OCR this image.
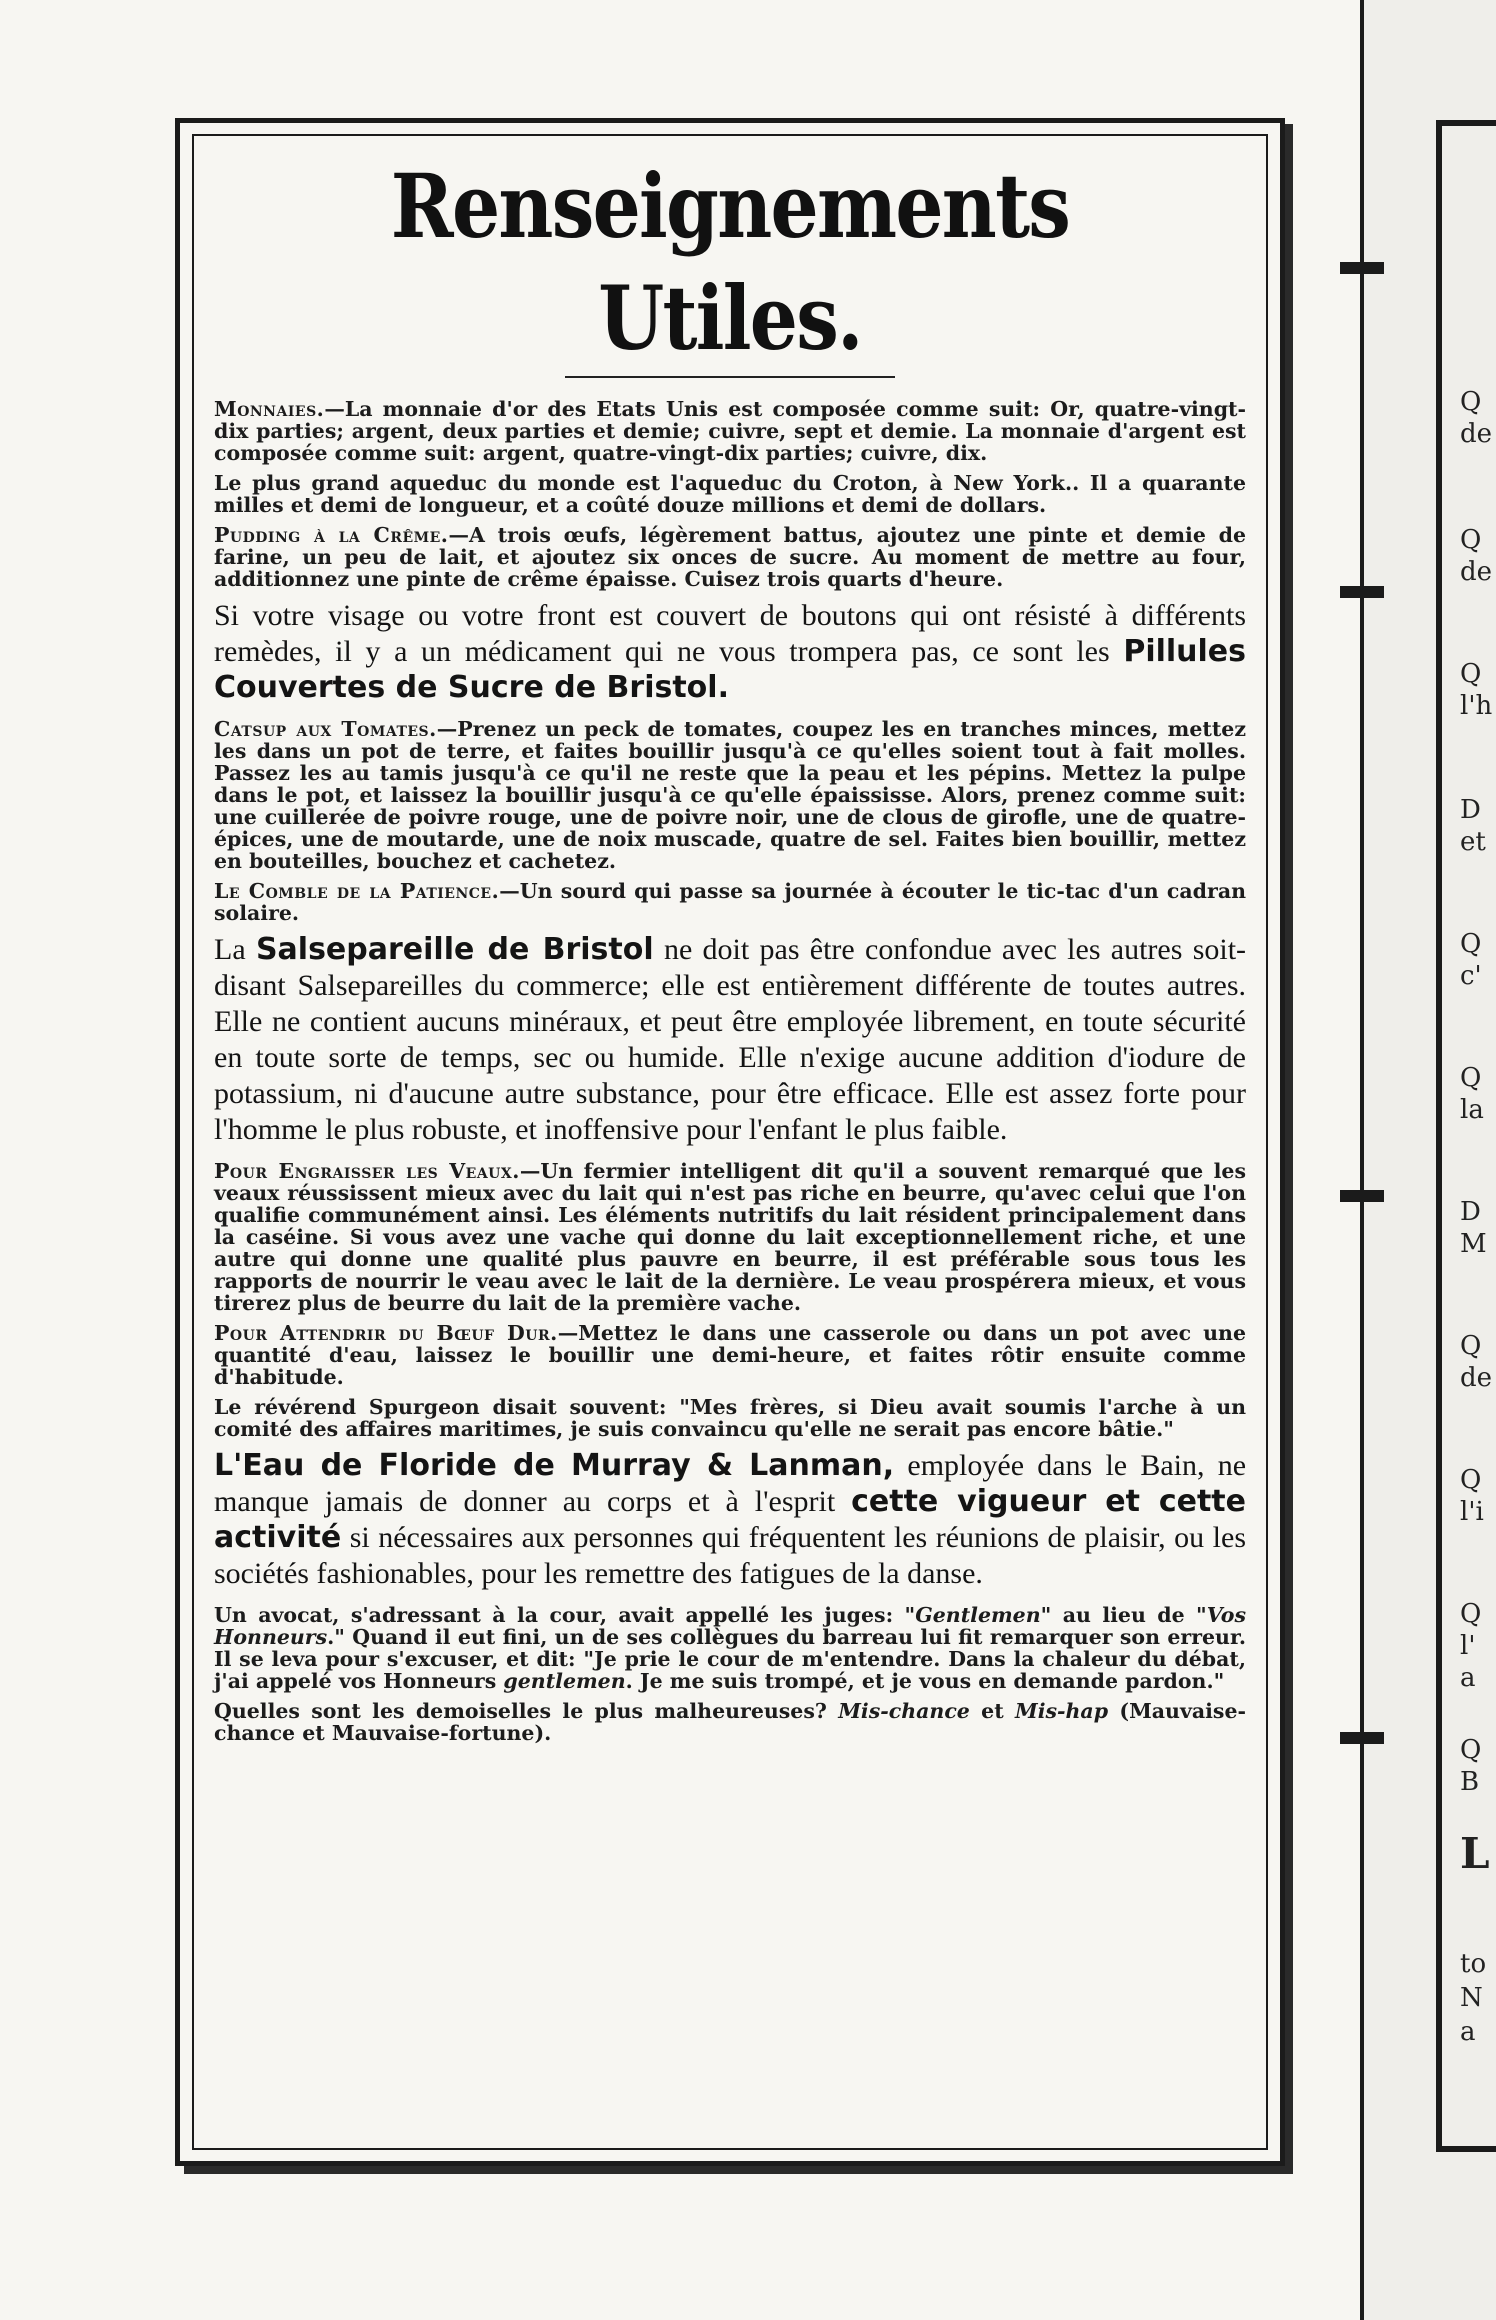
Q
de
Q
de
Q
l'h
D
et
Q
c'
Q
la
D
M
Q
de
Q
l'i
Q
l'
a
Q
B
L
to
N
a
Renseignements Utiles.

Monnaies.—La monnaie d'or des Etats Unis est composée comme suit: Or, quatre-vingt-dix parties; argent, deux parties et demie; cuivre, sept et demie. La monnaie d'argent est composée comme suit: argent, quatre-vingt-dix parties; cuivre, dix.

Le plus grand aqueduc du monde est l'aqueduc du Croton, à New York.. Il a quarante milles et demi de longueur, et a coûté douze millions et demi de dollars.

Pudding à la Crême.—A trois œufs, légèrement battus, ajoutez une pinte et demie de farine, un peu de lait, et ajoutez six onces de sucre. Au moment de mettre au four, additionnez une pinte de crême épaisse. Cuisez trois quarts d'heure.

Si votre visage ou votre front est couvert de boutons qui ont résisté à différents remèdes, il y a un médicament qui ne vous trompera pas, ce sont les Pillules Couvertes de Sucre de Bristol.

Catsup aux Tomates.—Prenez un peck de tomates, coupez les en tranches minces, mettez les dans un pot de terre, et faites bouillir jusqu'à ce qu'elles soient tout à fait molles. Passez les au tamis jusqu'à ce qu'il ne reste que la peau et les pépins. Mettez la pulpe dans le pot, et laissez la bouillir jusqu'à ce qu'elle épaississe. Alors, prenez comme suit: une cuillerée de poivre rouge, une de poivre noir, une de clous de girofle, une de quatre-épices, une de moutarde, une de noix muscade, quatre de sel. Faites bien bouillir, mettez en bouteilles, bouchez et cachetez.

Le Comble de la Patience.—Un sourd qui passe sa journée à écouter le tic-tac d'un cadran solaire.

La Salsepareille de Bristol ne doit pas être confondue avec les autres soit-disant Salsepareilles du commerce; elle est entièrement différente de toutes autres. Elle ne contient aucuns minéraux, et peut être employée librement, en toute sécurité en toute sorte de temps, sec ou humide. Elle n'exige aucune addition d'iodure de potassium, ni d'aucune autre substance, pour être efficace. Elle est assez forte pour l'homme le plus robuste, et inoffensive pour l'enfant le plus faible.

Pour Engraisser les Veaux.—Un fermier intelligent dit qu'il a souvent remarqué que les veaux réussissent mieux avec du lait qui n'est pas riche en beurre, qu'avec celui que l'on qualifie communément ainsi. Les éléments nutritifs du lait résident principalement dans la caséine. Si vous avez une vache qui donne du lait exceptionnellement riche, et une autre qui donne une qualité plus pauvre en beurre, il est préférable sous tous les rapports de nourrir le veau avec le lait de la dernière. Le veau prospérera mieux, et vous tirerez plus de beurre du lait de la première vache.

Pour Attendrir du Bœuf Dur.—Mettez le dans une casserole ou dans un pot avec une quantité d'eau, laissez le bouillir une demi-heure, et faites rôtir ensuite comme d'habitude.

Le révérend Spurgeon disait souvent: "Mes frères, si Dieu avait soumis l'arche à un comité des affaires maritimes, je suis convaincu qu'elle ne serait pas encore bâtie."

L'Eau de Floride de Murray & Lanman, employée dans le Bain, ne manque jamais de donner au corps et à l'esprit cette vigueur et cette activité si nécessaires aux personnes qui fréquentent les réunions de plaisir, ou les sociétés fashionables, pour les remettre des fatigues de la danse.

Un avocat, s'adressant à la cour, avait appellé les juges: "Gentlemen" au lieu de "Vos Honneurs." Quand il eut fini, un de ses collègues du barreau lui fit remarquer son erreur. Il se leva pour s'excuser, et dit: "Je prie le cour de m'entendre. Dans la chaleur du débat, j'ai appelé vos Honneurs gentlemen. Je me suis trompé, et je vous en demande pardon."

Quelles sont les demoiselles le plus malheureuses? Mis-chance et Mis-hap (Mauvaise-chance et Mauvaise-fortune).
